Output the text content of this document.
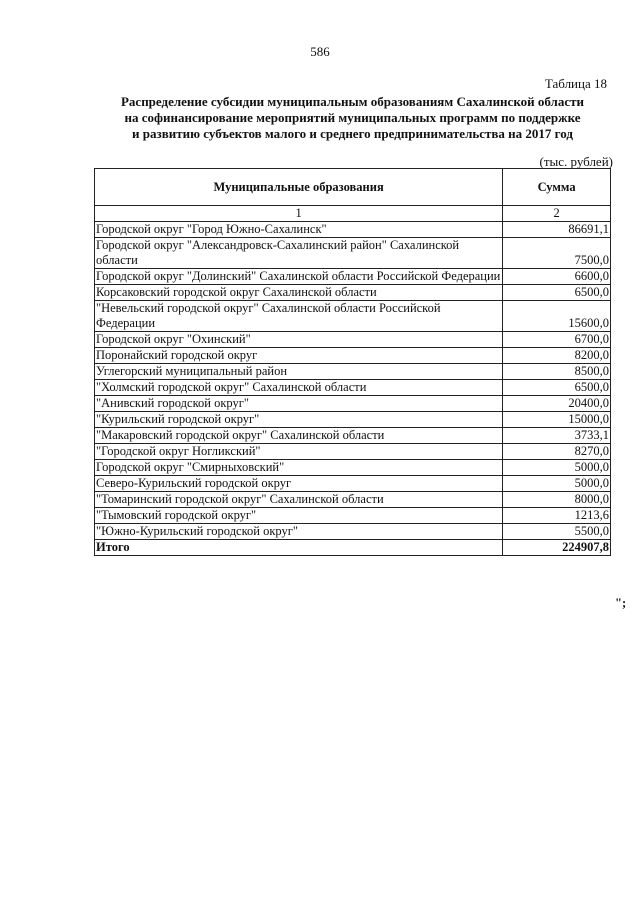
586
Таблица 18
Распределение субсидии муниципальным образованиям Сахалинской области
на софинансирование мероприятий муниципальных программ по поддержке
и развитию субъектов малого и среднего предпринимательства на 2017 год
(тыс. рублей)
Муниципальные образования	Сумма
1	2
Городской округ "Город Южно-Сахалинск"	86691,1
Городской округ "Александровск-Сахалинский район" Сахалинской области	7500,0
Городской округ "Долинский" Сахалинской области Российской Федерации	6600,0
Корсаковский городской округ Сахалинской области	6500,0
"Невельский городской округ" Сахалинской области Российской Федерации	15600,0
Городской округ "Охинский"	6700,0
Поронайский городской округ	8200,0
Углегорский муниципальный район	8500,0
"Холмский городской округ" Сахалинской области	6500,0
"Анивский городской округ"	20400,0
"Курильский городской округ"	15000,0
"Макаровский городской округ" Сахалинской области	3733,1
"Городской округ Ногликский"	8270,0
Городской округ "Смирныховский"	5000,0
Северо-Курильский городской округ	5000,0
"Томаринский городской округ" Сахалинской области	8000,0
"Тымовский городской округ"	1213,6
"Южно-Курильский городской округ"	5500,0
Итого	224907,8
";
